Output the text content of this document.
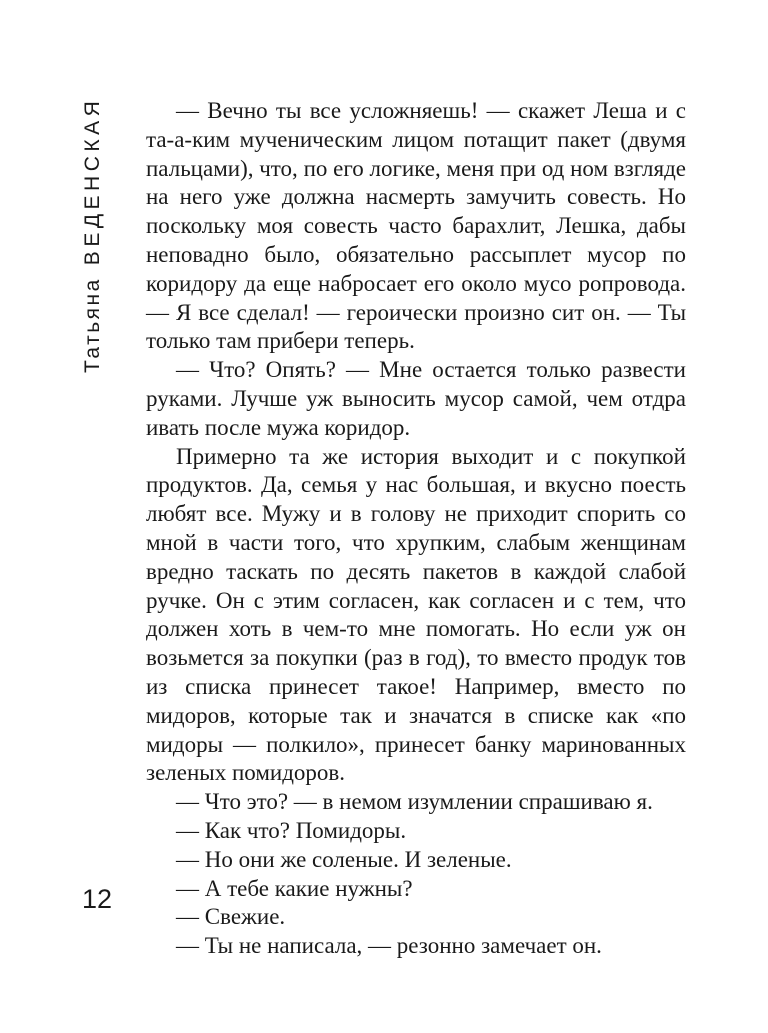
Татьяна
ВЕДЕНСКАЯ
12

— Вечно ты все усложняешь! — скажет Леша и с та-а-ким мученическим лицом потащит пакет (двумя пальцами), что, по его логике, меня при од ном взгляде на него уже должна насмерть замучить совесть. Но поскольку моя совесть часто барахлит, Лешка, дабы неповадно было, обязательно рассыплет мусор по коридору да еще набросает его около мусо ропровода. — Я все сделал! — героически произно сит он. — Ты только там прибери теперь.

— Что? Опять? — Мне остается только развести руками. Лучше уж выносить мусор самой, чем отдра ивать после мужа коридор.

Примерно та же история выходит и с покупкой продуктов. Да, семья у нас большая, и вкусно поесть любят все. Мужу и в голову не приходит спорить со мной в части того, что хрупким, слабым женщинам вредно таскать по десять пакетов в каждой слабой ручке. Он с этим согласен, как согласен и с тем, что должен хоть в чем-то мне помогать. Но если уж он возьмется за покупки (раз в год), то вместо продук тов из списка принесет такое! Например, вместо по мидоров, которые так и значатся в списке как «по мидоры — полкило», принесет банку маринованных зеленых помидоров.

— Что это? — в немом изумлении спрашиваю я.

— Как что? Помидоры.

— Но они же соленые. И зеленые.

— А тебе какие нужны?

— Свежие.

— Ты не написала, — резонно замечает он.
